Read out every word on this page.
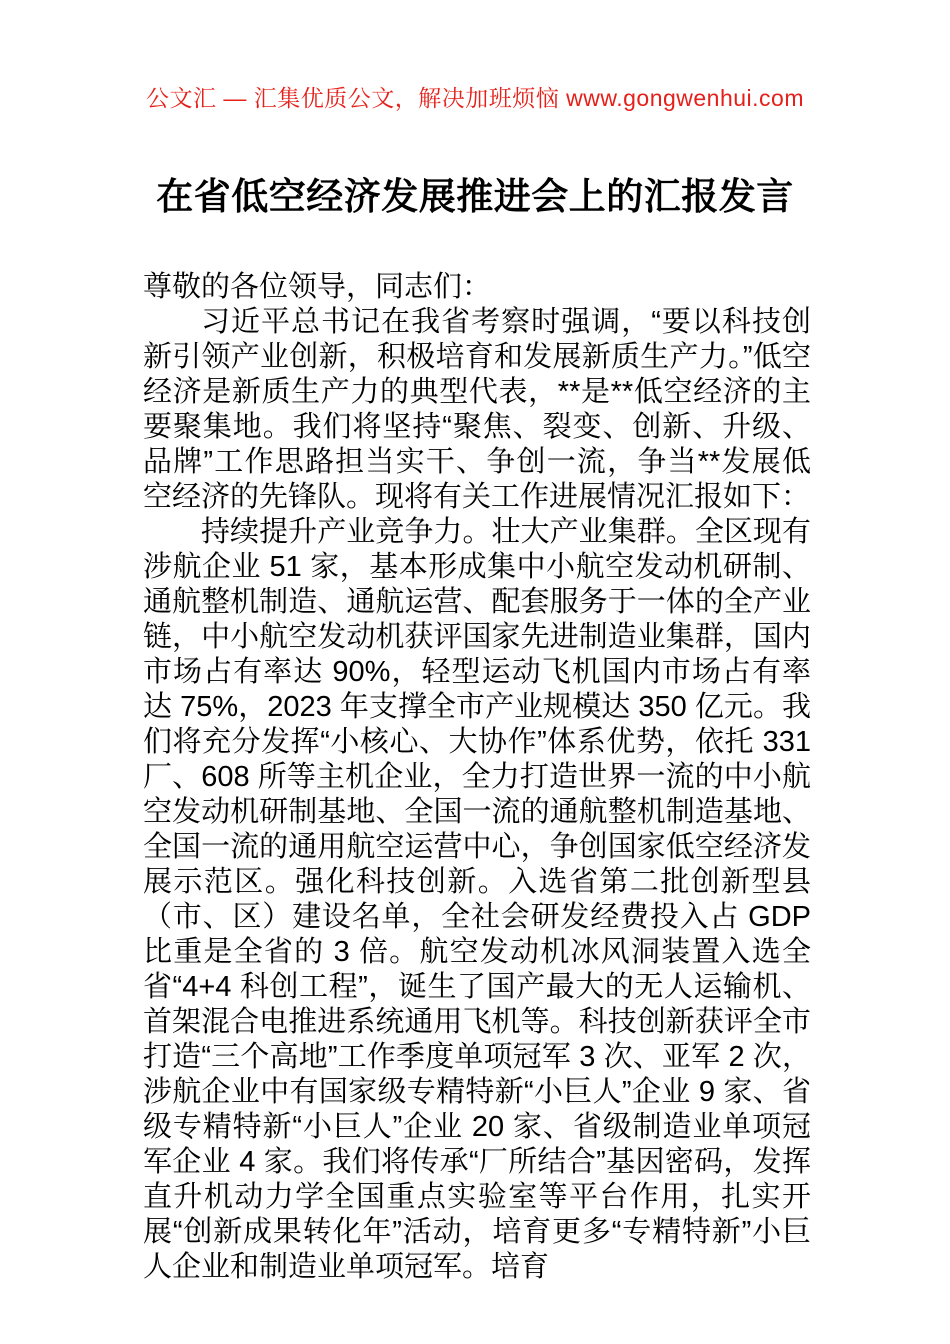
公文汇 — 汇集优质公文，解决加班烦恼 www.gongwenhui.com
在省低空经济发展推进会上的汇报发言

尊敬的各位领导，同志们：

习近平总书记在我省考察时强调，“要以科技创新引领产业创新，积极培育和发展新质生产力。”低空经济是新质生产力的典型代表，**是**低空经济的主要聚集地。我们将坚持“聚焦、裂变、创新、升级、品牌”工作思路担当实干、争创一流，争当**发展低空经济的先锋队。现将有关工作进展情况汇报如下：

持续提升产业竞争力。壮大产业集群。全区现有涉航企业 51 家，基本形成集中小航空发动机研制、通航整机制造、通航运营、配套服务于一体的全产业链，中小航空发动机获评国家先进制造业集群，国内市场占有率达 90%，轻型运动飞机国内市场占有率达 75%，2023 年支撑全市产业规模达 350 亿元。我们将充分发挥“小核心、大协作”体系优势，依托 331 厂、608 所等主机企业，全力打造世界一流的中小航空发动机研制基地、全国一流的通航整机制造基地、全国一流的通用航空运营中心，争创国家低空经济发展示范区。强化科技创新。入选省第二批创新型县（市、区）建设名单，全社会研发经费投入占 GDP 比重是全省的 3 倍。航空发动机冰风洞装置入选全省“4+4 科创工程”，诞生了国产最大的无人运输机、首架混合电推进系统通用飞机等。科技创新获评全市打造“三个高地”工作季度单项冠军 3 次、亚军 2 次，涉航企业中有国家级专精特新“小巨人”企业 9 家、省级专精特新“小巨人”企业 20 家、省级制造业单项冠军企业 4 家。我们将传承“厂所结合”基因密码，发挥直升机动力学全国重点实验室等平台作用，扎实开展“创新成果转化年”活动，培育更多“专精特新”小巨人企业和制造业单项冠军。培育
